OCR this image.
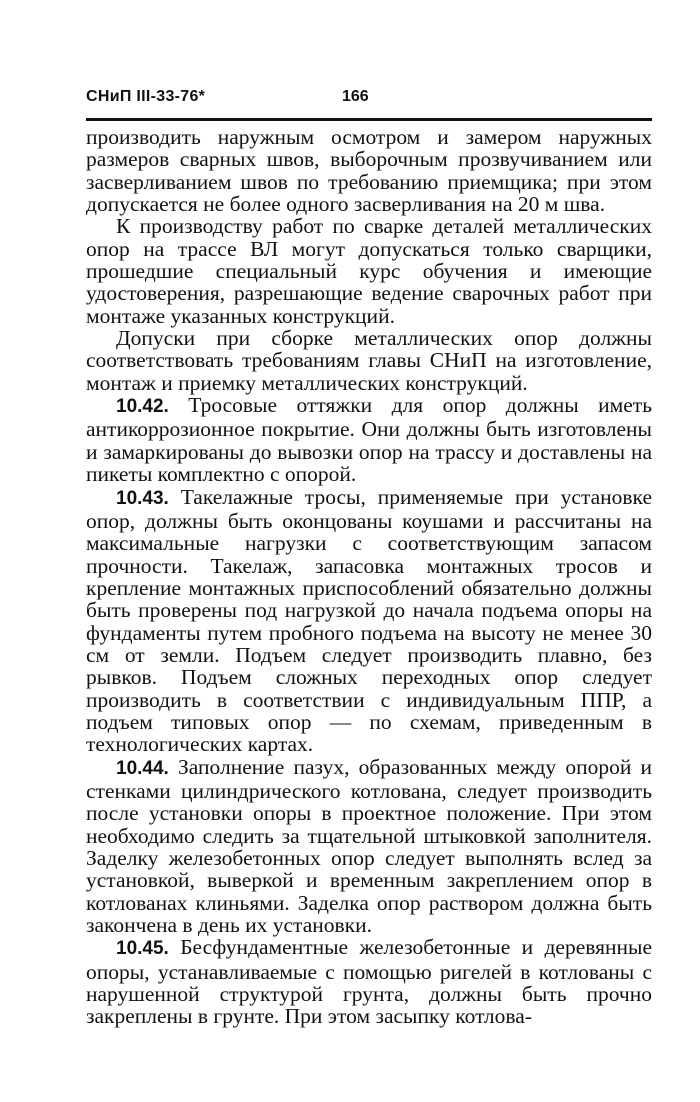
СНиП III-33-76*	166

производить наружным осмотром и замером наружных размеров сварных швов, выборочным прозвучиванием или засверливанием швов по требованию приемщика; при этом допускается не более одного засверливания на 20 м шва.

К производству работ по сварке деталей металлических опор на трассе ВЛ могут допускаться только сварщики, прошедшие специальный курс обучения и имеющие удостоверения, разрешающие ведение сварочных работ при монтаже указанных конструкций.

Допуски при сборке металлических опор должны соответствовать требованиям главы СНиП на изготовление, монтаж и приемку металлических конструкций.

10.42. Тросовые оттяжки для опор должны иметь антикоррозионное покрытие. Они должны быть изготовлены и замаркированы до вывозки опор на трассу и доставлены на пикеты комплектно с опорой.

10.43. Такелажные тросы, применяемые при установке опор, должны быть оконцованы коушами и рассчитаны на максимальные нагрузки с соответствующим запасом прочности. Такелаж, запасовка монтажных тросов и крепление монтажных приспособлений обязательно должны быть проверены под нагрузкой до начала подъема опоры на фундаменты путем пробного подъема на высоту не менее 30 см от земли. Подъем следует производить плавно, без рывков. Подъем сложных переходных опор следует производить в соответствии с индивидуальным ППР, а подъем типовых опор — по схемам, приведенным в технологических картах.

10.44. Заполнение пазух, образованных между опорой и стенками цилиндрического котлована, следует производить после установки опоры в проектное положение. При этом необходимо следить за тщательной штыковкой заполнителя. Заделку железобетонных опор следует выполнять вслед за установкой, выверкой и временным закреплением опор в котлованах клиньями. Заделка опор раствором должна быть закончена в день их установки.

10.45. Бесфундаментные железобетонные и деревянные опоры, устанавливаемые с помощью ригелей в котлованы с нарушенной структурой грунта, должны быть прочно закреплены в грунте. При этом засыпку котлова-
